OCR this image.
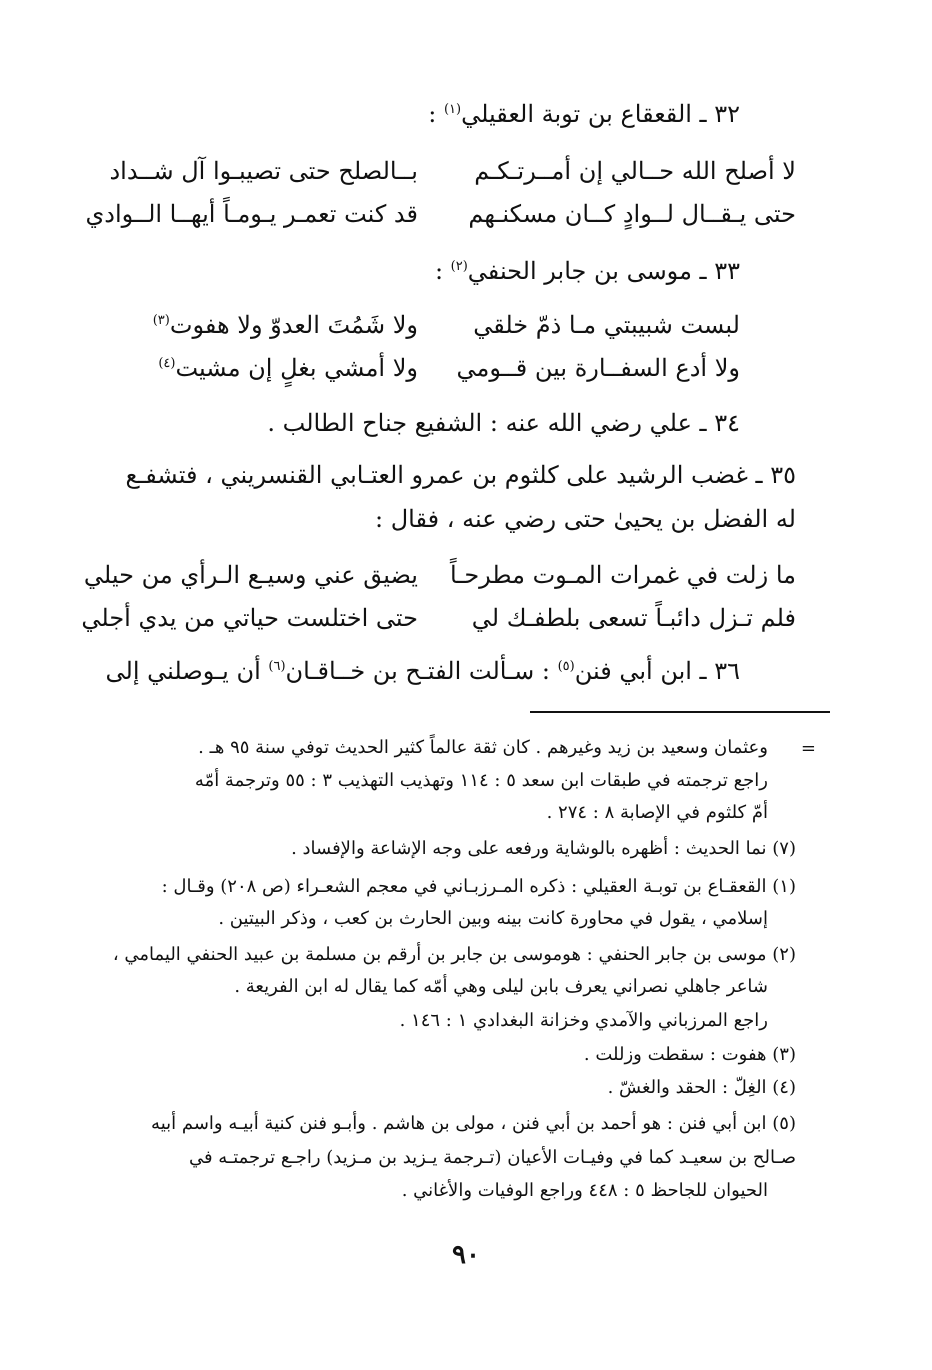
٣٢ ـ القعقاع بن توبة العقيلي$^{(١)}$ :
لا أصلح الله حــالي إن أمــرتـكـم
بــالصلح حتى تصيبـوا آل شــداد
حتى يـقــال لــوادٍ كــان مسكنـهم
قد كنت تعمـر يـومـاً أيهــا الــوادي
٣٣ ـ موسى بن جابر الحنفي$^{(٢)}$ :
لبست شبيبتي مـا ذمّ خلقي
ولا شَمُتَ العدوّ ولا هفوت$^{(٣)}$
ولا أدع السفــارة بين قــومي
ولا أمشي بغلٍ إن مشيت$^{(٤)}$
٣٤ ـ علي رضي الله عنه : الشفيع جناح الطالب .
٣٥ ـ غضب الرشيد على كلثوم بن عمرو العتـابي القنسريني ، فتشفـع
له الفضل بن يحيىٰ حتى رضي عنه ، فقال :
ما زلت في غمرات المـوت مطرحـاً
يضيق عني وسيـع الـرأي من حيلي
فلم تـزل دائبـاً تسعى بلطفـك لي
حتى اختلست حياتي من يدي أجلي
٣٦ ـ ابن أبي فنن$^{(٥)}$ : سـألت الفتـح بن خــاقـان$^{(٦)}$ أن يـوصلني إلى
=
وعثمان وسعيد بن زيد وغيرهم . كان ثقة عالماً كثير الحديث توفي سنة ٩٥ هـ .
راجع ترجمته في طبقات ابن سعد ٥ : ١١٤ وتهذيب التهذيب ٣ : ٥٥ وترجمة أمّه
أمّ كلثوم في الإصابة ٨ : ٢٧٤ .
(٧) نما الحديث : أظهره بالوشاية ورفعه على وجه الإشاعة والإفساد .
(١) القعقـاع بن توبـة العقيلي : ذكره المـرزبـاني في معجم الشعـراء (ص ٢٠٨) وقـال :
إسلامي ، يقول في محاورة كانت بينه وبين الحارث بن كعب ، وذكر البيتين .
(٢) موسى بن جابر الحنفي : هوموسى بن جابر بن أرقم بن مسلمة بن عبيد الحنفي اليمامي ،
شاعر جاهلي نصراني يعرف بابن ليلى وهي أمّه كما يقال له ابن الفريعة .
راجع المرزباني والآمدي وخزانة البغدادي ١ : ١٤٦ .
(٣) هفوت : سقطت وزللت .
(٤) الغِلّ : الحقد والغشّ .
(٥) ابن أبي فنن : هو أحمد بن أبي فنن ، مولى بن هاشم . وأبـو فنن كنية أبيـه واسم أبيه
صـالح بن سعيـد كما في وفيـات الأعيان (تـرجمة يـزيد بن مـزيد) راجـع ترجمتـه في
الحيوان للجاحظ ٥ : ٤٤٨ وراجع الوفيات والأغاني .
٩٠
